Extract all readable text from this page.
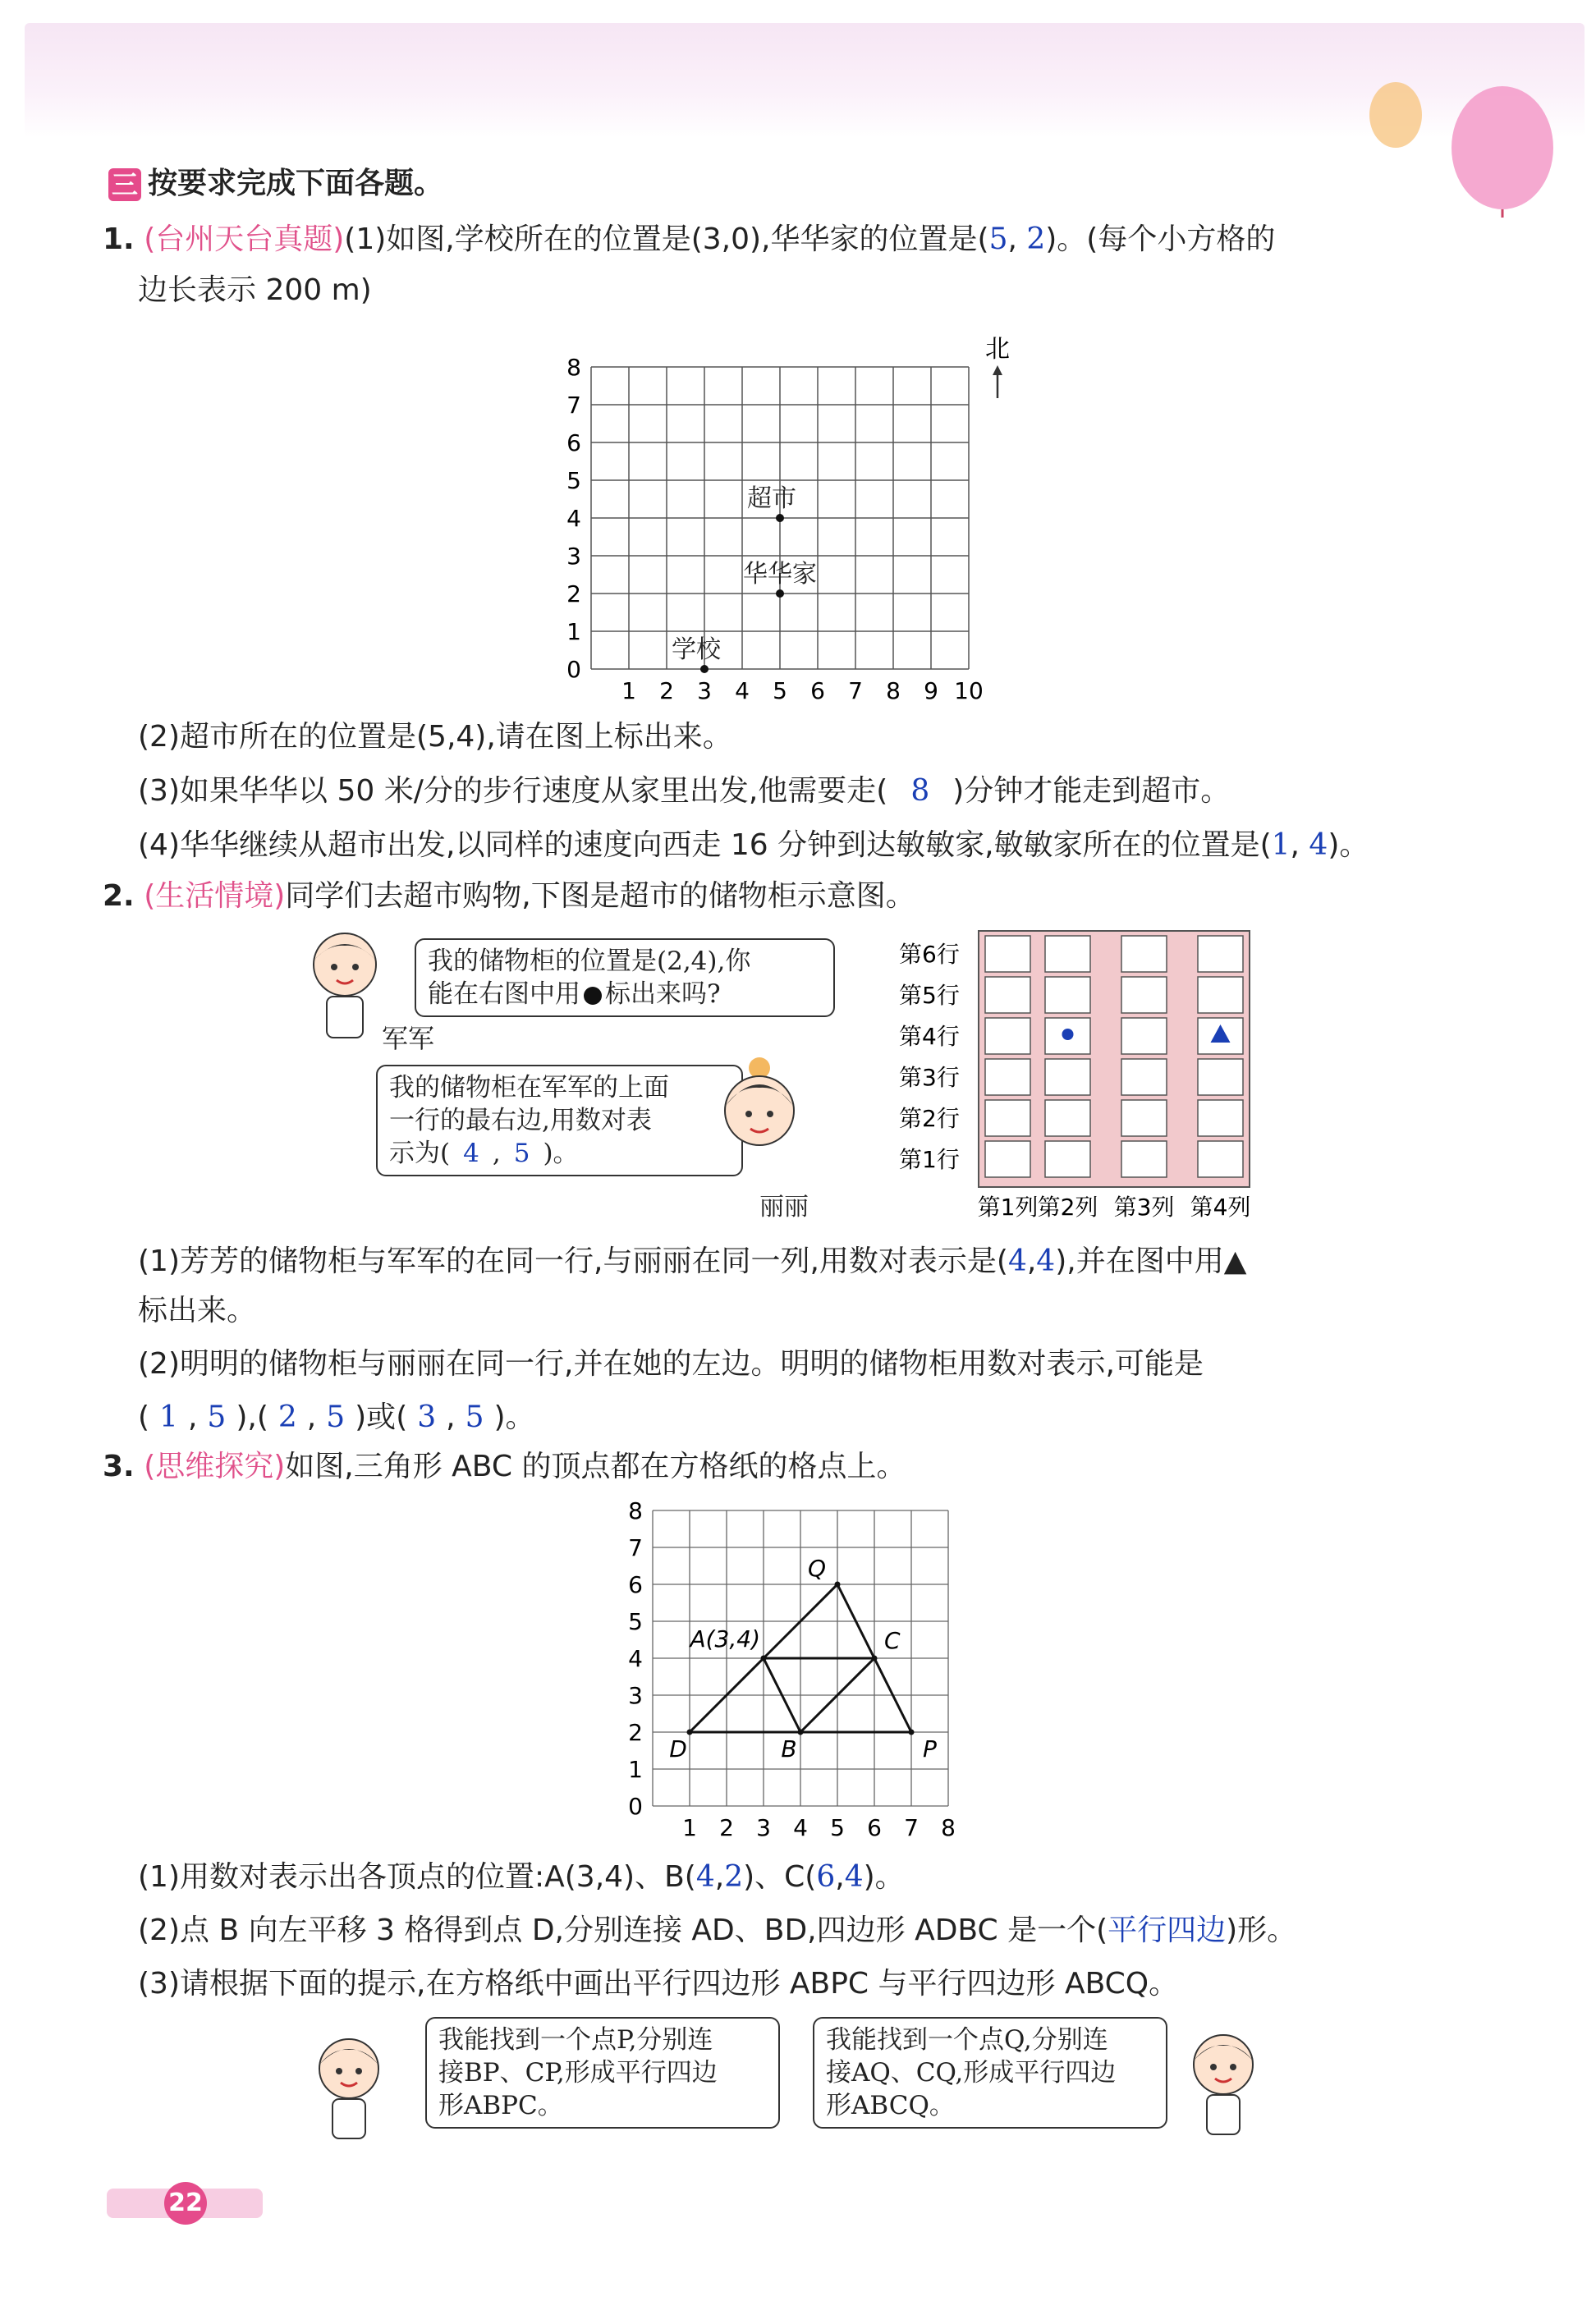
三 按要求完成下面各题。
1. (台州天台真题)(1)如图,学校所在的位置是(3,0),华华家的位置是(5, 2)。(每个小方格的
边长表示 200 m)
1 2 3 4 5 6 7 8 9 10
0
1
2
3
4
5
6
7
8
北
超市
华华家
学校
(2)超市所在的位置是(5,4),请在图上标出来。
(3)如果华华以 50 米/分的步行速度从家里出发,他需要走( 8 )分钟才能走到超市。
(4)华华继续从超市出发,以同样的速度向西走 16 分钟到达敏敏家,敏敏家所在的位置是(1, 4)。
2. (生活情境)同学们去超市购物,下图是超市的储物柜示意图。
军军
我的储物柜的位置是(2,4),你
能在右图中用 标出来吗?
我的储物柜在军军的上面
一行的最右边,用数对表
示为( 4 , 5 )。
丽丽
第6行
第5行
第4行
第3行
第2行
第1行
第1列 第2列 第3列 第4列
(1)芳芳的储物柜与军军的在同一行,与丽丽在同一列,用数对表示是(4,4),并在图中用▲
标出来。
(2)明明的储物柜与丽丽在同一行,并在她的左边。明明的储物柜用数对表示,可能是
( 1 , 5 ),( 2 , 5 )或( 3 , 5 )。
3. (思维探究)如图,三角形 ABC 的顶点都在方格纸的格点上。
1 2 3 4 5 6 7 8
0
1
2
3
4
5
6
7
8
A(3,4)
B
C
D	P
Q
(1)用数对表示出各顶点的位置:A(3,4)、B(4,2)、C(6,4)。
(2)点 B 向左平移 3 格得到点 D,分别连接 AD、BD,四边形 ADBC 是一个(平行四边)形。
(3)请根据下面的提示,在方格纸中画出平行四边形 ABPC 与平行四边形 ABCQ。
我能找到一个点P,分别连
接BP、CP,形成平行四边
形ABPC。
我能找到一个点Q,分别连
接AQ、CQ,形成平行四边
形ABCQ。
22
